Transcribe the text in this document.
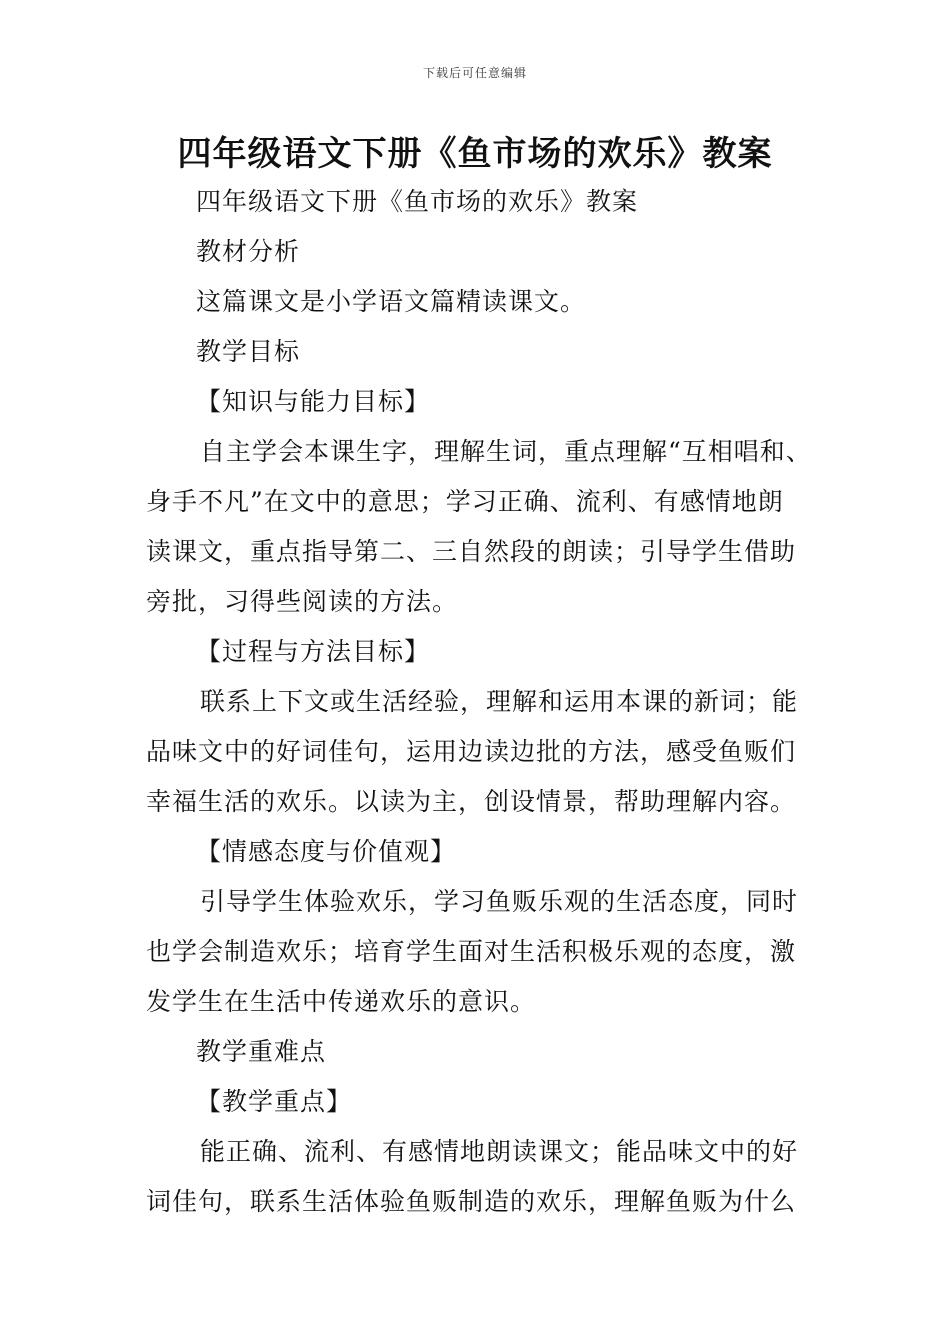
下载后可任意编辑
四年级语文下册《鱼市场的欢乐》教案
四年级语文下册《鱼市场的欢乐》教案
教材分析
这篇课文是小学语文篇精读课文。
教学目标
【知识与能力目标】
自主学会本课生字，理解生词，重点理解“互相唱和、
身手不凡”在文中的意思；学习正确、流利、有感情地朗
读课文，重点指导第二、三自然段的朗读；引导学生借助
旁批，习得些阅读的方法。
【过程与方法目标】
联系上下文或生活经验，理解和运用本课的新词；能
品味文中的好词佳句，运用边读边批的方法，感受鱼贩们
幸福生活的欢乐。以读为主，创设情景，帮助理解内容。
【情感态度与价值观】
引导学生体验欢乐，学习鱼贩乐观的生活态度，同时
也学会制造欢乐；培育学生面对生活积极乐观的态度，激
发学生在生活中传递欢乐的意识。
教学重难点
【教学重点】
能正确、流利、有感情地朗读课文；能品味文中的好
词佳句，联系生活体验鱼贩制造的欢乐，理解鱼贩为什么
